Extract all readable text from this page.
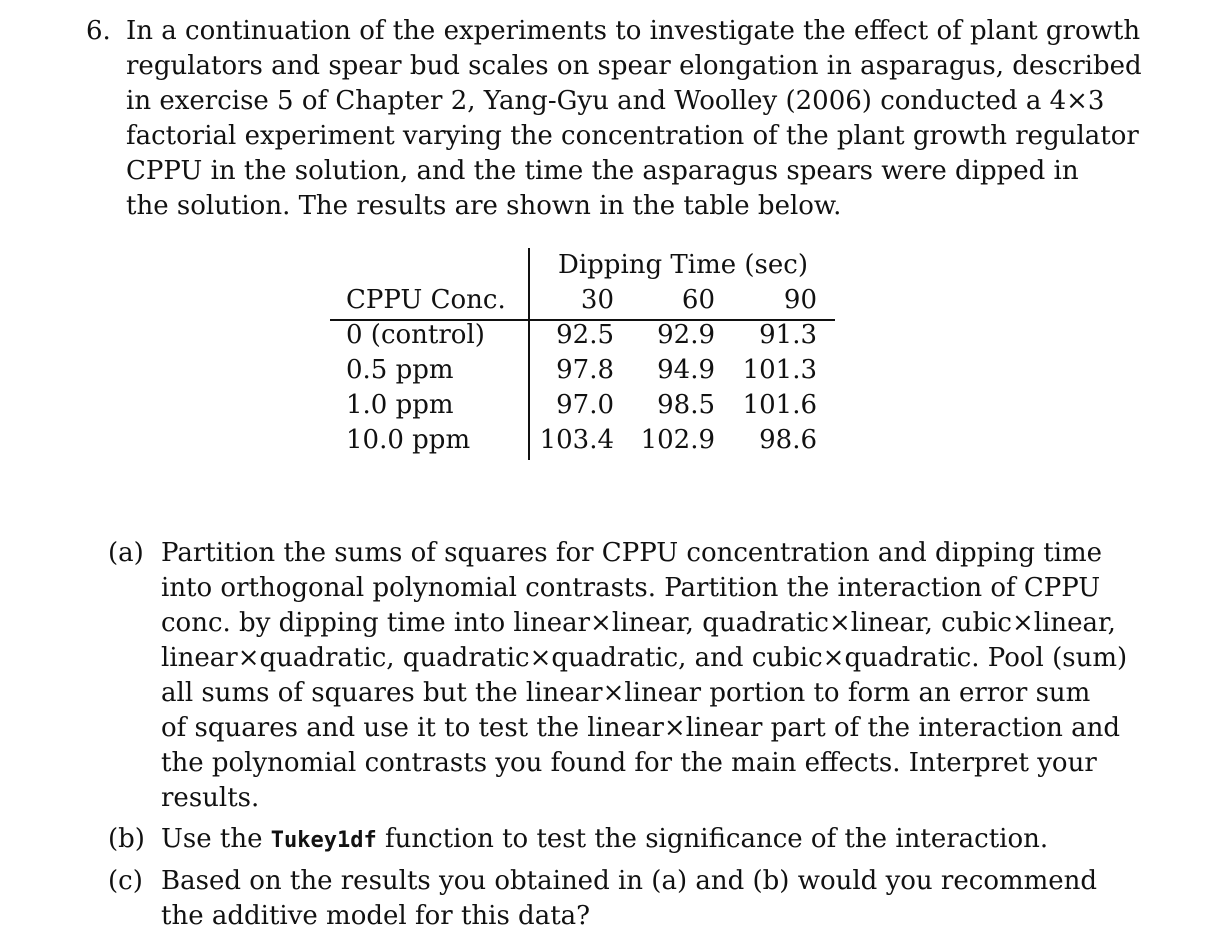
6. In a continuation of the experiments to investigate the effect of plant growth
regulators and spear bud scales on spear elongation in asparagus, described
in exercise 5 of Chapter 2, Yang-Gyu and Woolley (2006) conducted a 4×3
factorial experiment varying the concentration of the plant growth regulator
CPPU in the solution, and the time the asparagus spears were dipped in
the solution. The results are shown in the table below.
Dipping Time (sec)
CPPU Conc.	30	60	90
0 (control)	92.5 92.9 91.3
0.5 ppm	97.8 94.9 101.3
1.0 ppm	97.0 98.5 101.6
10.0 ppm	103.4 102.9 98.6
(a) Partition the sums of squares for CPPU concentration and dipping time
into orthogonal polynomial contrasts. Partition the interaction of CPPU
conc. by dipping time into linear×linear, quadratic×linear, cubic×linear,
linear×quadratic, quadratic×quadratic, and cubic×quadratic. Pool (sum)
all sums of squares but the linear×linear portion to form an error sum
of squares and use it to test the linear×linear part of the interaction and
the polynomial contrasts you found for the main effects. Interpret your
results.
(b) Use the Tukey1df function to test the significance of the interaction.
(c) Based on the results you obtained in (a) and (b) would you recommend
the additive model for this data?
